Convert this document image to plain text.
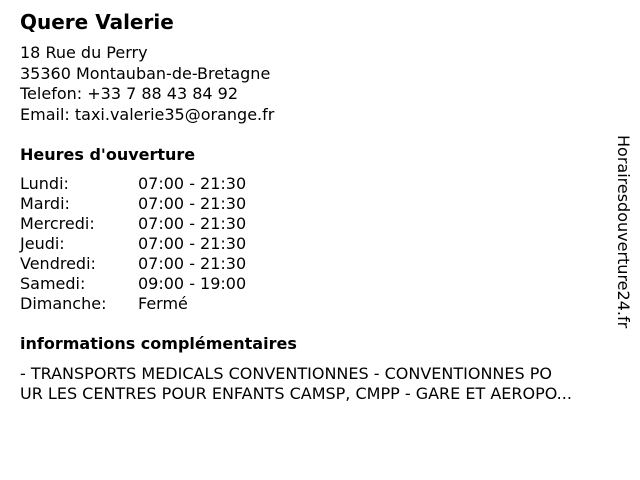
Quere Valerie
18 Rue du Perry
35360 Montauban-de-Bretagne
Telefon: +33 7 88 43 84 92
Email: taxi.valerie35@orange.fr
Heures d'ouverture
Lundi:	07:00 - 21:30
Mardi:	07:00 - 21:30
Mercredi:	07:00 - 21:30
Jeudi:	07:00 - 21:30
Vendredi:	07:00 - 21:30
Samedi:	09:00 - 19:00
Dimanche: Fermé
informations complémentaires
- TRANSPORTS MEDICALS CONVENTIONNES - CONVENTIONNES PO
UR LES CENTRES POUR ENFANTS CAMSP, CMPP - GARE ET AEROPO...
Horairesdouverture24.fr
